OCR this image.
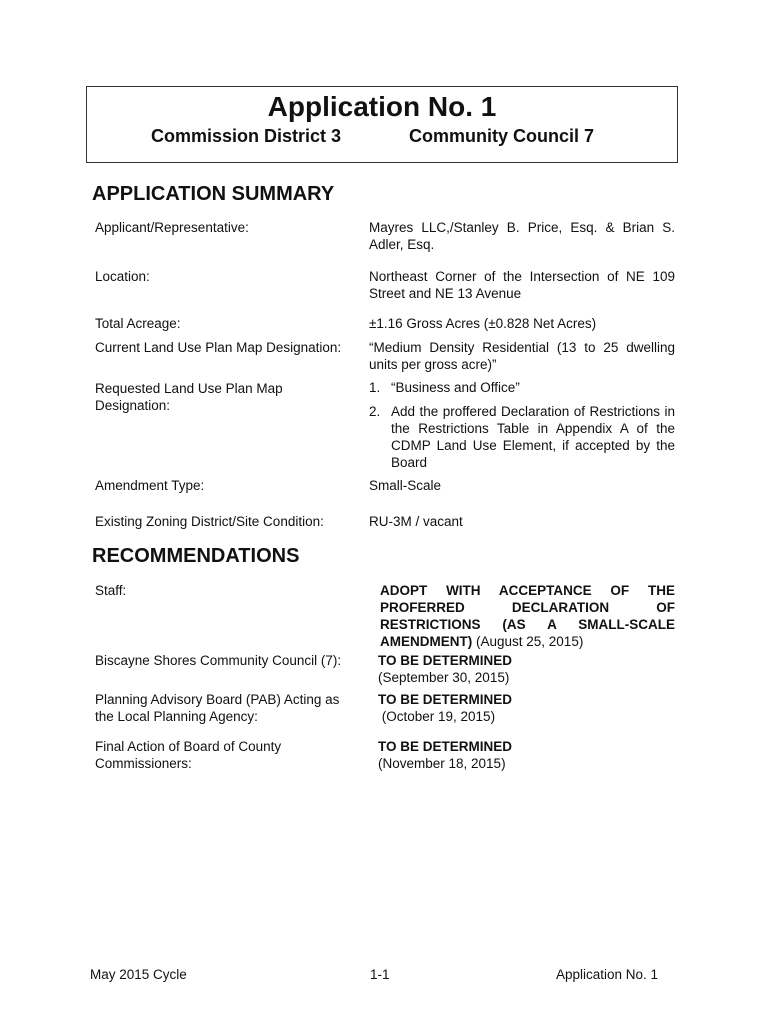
Application No. 1
Commission District 3	Community Council 7
APPLICATION SUMMARY
Applicant/Representative:	Mayres LLC,/Stanley B. Price, Esq. & Brian S. Adler, Esq.
Location:	Northeast Corner of the Intersection of NE 109 Street and NE 13 Avenue
Total Acreage:	±1.16 Gross Acres (±0.828 Net Acres)
Current Land Use Plan Map Designation:	“Medium Density Residential (13 to 25 dwelling units per gross acre)”
Requested Land Use Plan Map Designation:
1. “Business and Office”
2. Add the proffered Declaration of Restrictions in the Restrictions Table in Appendix A of the CDMP Land Use Element, if accepted by the Board
Amendment Type:	Small-Scale
Existing Zoning District/Site Condition:	RU-3M / vacant
RECOMMENDATIONS
Staff:	ADOPT WITH ACCEPTANCE OF THE PROFERRED DECLARATION OF RESTRICTIONS (AS A SMALL-SCALE AMENDMENT) (August 25, 2015)
Biscayne Shores Community Council (7):	TO BE DETERMINED
(September 30, 2015)
Planning Advisory Board (PAB) Acting as the Local Planning Agency:
TO BE DETERMINED
(October 19, 2015)
Final Action of Board of County Commissioners:
TO BE DETERMINED
(November 18, 2015)
May 2015 Cycle	1-1	Application No. 1
